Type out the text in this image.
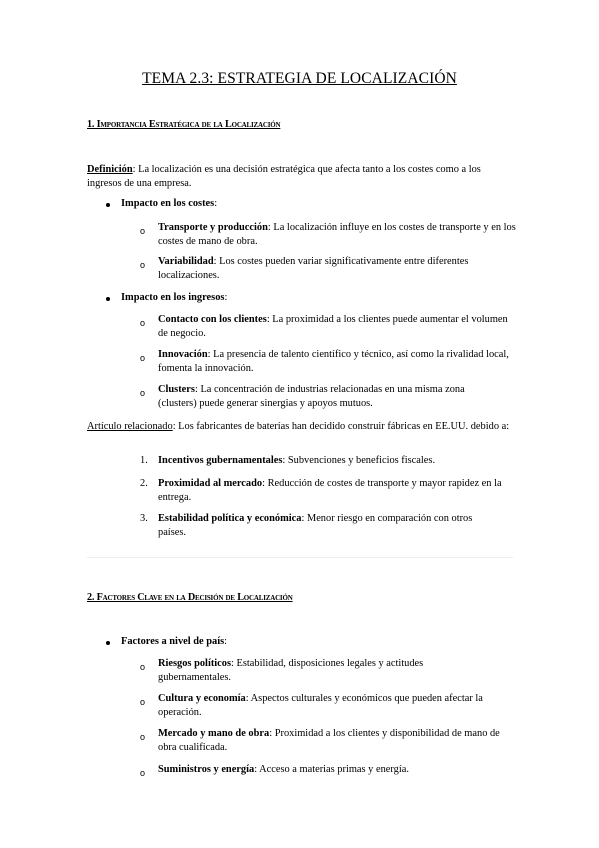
TEMA 2.3: ESTRATEGIA DE LOCALIZACIÓN
1. Importancia Estratégica de la Localización
Definición: La localización es una decisión estratégica que afecta tanto a los costes como a los ingresos de una empresa.
Impacto en los costes:
o Transporte y producción: La localización influye en los costes de transporte y en los costes de mano de obra.
o Variabilidad: Los costes pueden variar significativamente entre diferentes localizaciones.
Impacto en los ingresos:
o Contacto con los clientes: La proximidad a los clientes puede aumentar el volumen de negocio.
o Innovación: La presencia de talento científico y técnico, así como la rivalidad local, fomenta la innovación.
o Clusters: La concentración de industrias relacionadas en una misma zona (clusters) puede generar sinergias y apoyos mutuos.
Artículo relacionado: Los fabricantes de baterías han decidido construir fábricas en EE.UU. debido a:
1. Incentivos gubernamentales: Subvenciones y beneficios fiscales.
2. Proximidad al mercado: Reducción de costes de transporte y mayor rapidez en la entrega.
3. Estabilidad política y económica: Menor riesgo en comparación con otros países.
2. Factores Clave en la Decisión de Localización
Factores a nivel de país:
o Riesgos políticos: Estabilidad, disposiciones legales y actitudes gubernamentales.
o Cultura y economía: Aspectos culturales y económicos que pueden afectar la operación.
o Mercado y mano de obra: Proximidad a los clientes y disponibilidad de mano de obra cualificada.
o Suministros y energía: Acceso a materias primas y energía.
